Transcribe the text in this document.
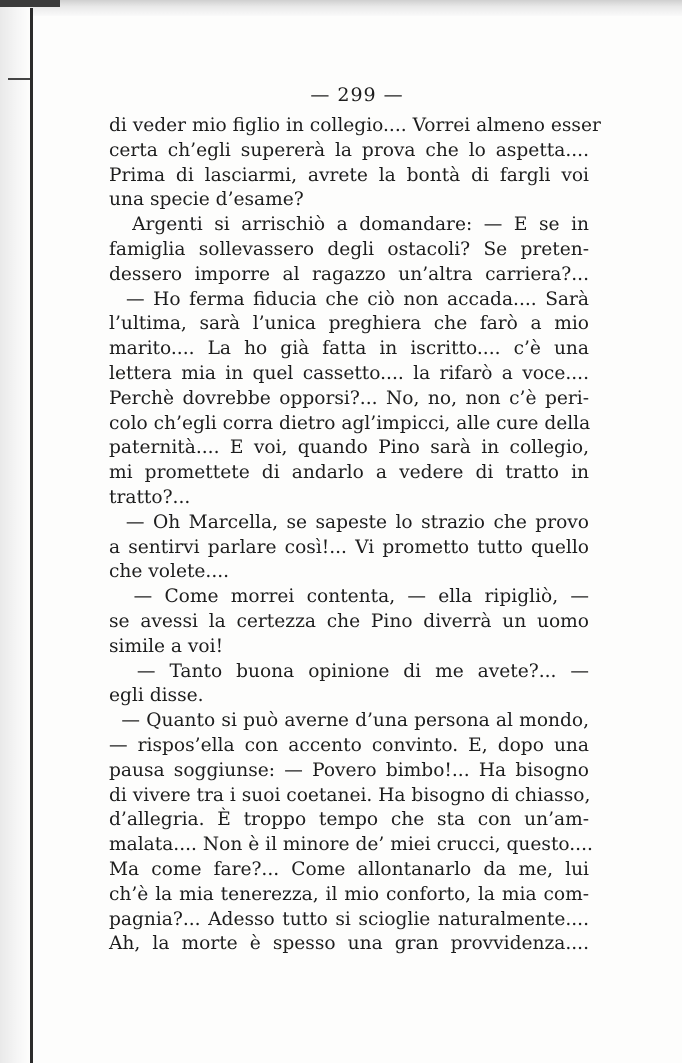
— 299 —
di veder mio figlio in collegio.... Vorrei almeno esser
certa ch’egli supererà la prova che lo aspetta....
Prima di lasciarmi, avrete la bontà di fargli voi
una specie d’esame?
Argenti si arrischiò a domandare: — E se in
famiglia sollevassero degli ostacoli? Se preten-
dessero imporre al ragazzo un’altra carriera?...
— Ho ferma fiducia che ciò non accada.... Sarà
l’ultima, sarà l’unica preghiera che farò a mio
marito.... La ho già fatta in iscritto.... c’è una
lettera mia in quel cassetto.... la rifarò a voce....
Perchè dovrebbe opporsi?... No, no, non c’è peri-
colo ch’egli corra dietro agl’impicci, alle cure della
paternità.... E voi, quando Pino sarà in collegio,
mi promettete di andarlo a vedere di tratto in
tratto?...
— Oh Marcella, se sapeste lo strazio che provo
a sentirvi parlare così!... Vi prometto tutto quello
che volete....
— Come morrei contenta, — ella ripigliò, —
se avessi la certezza che Pino diverrà un uomo
simile a voi!
— Tanto buona opinione di me avete?... —
egli disse.
— Quanto si può averne d’una persona al mondo,
— rispos’ella con accento convinto. E, dopo una
pausa soggiunse: — Povero bimbo!... Ha bisogno
di vivere tra i suoi coetanei. Ha bisogno di chiasso,
d’allegria. È troppo tempo che sta con un’am-
malata.... Non è il minore de’ miei crucci, questo....
Ma come fare?... Come allontanarlo da me, lui
ch’è la mia tenerezza, il mio conforto, la mia com-
pagnia?... Adesso tutto si scioglie naturalmente....
Ah, la morte è spesso una gran provvidenza....
